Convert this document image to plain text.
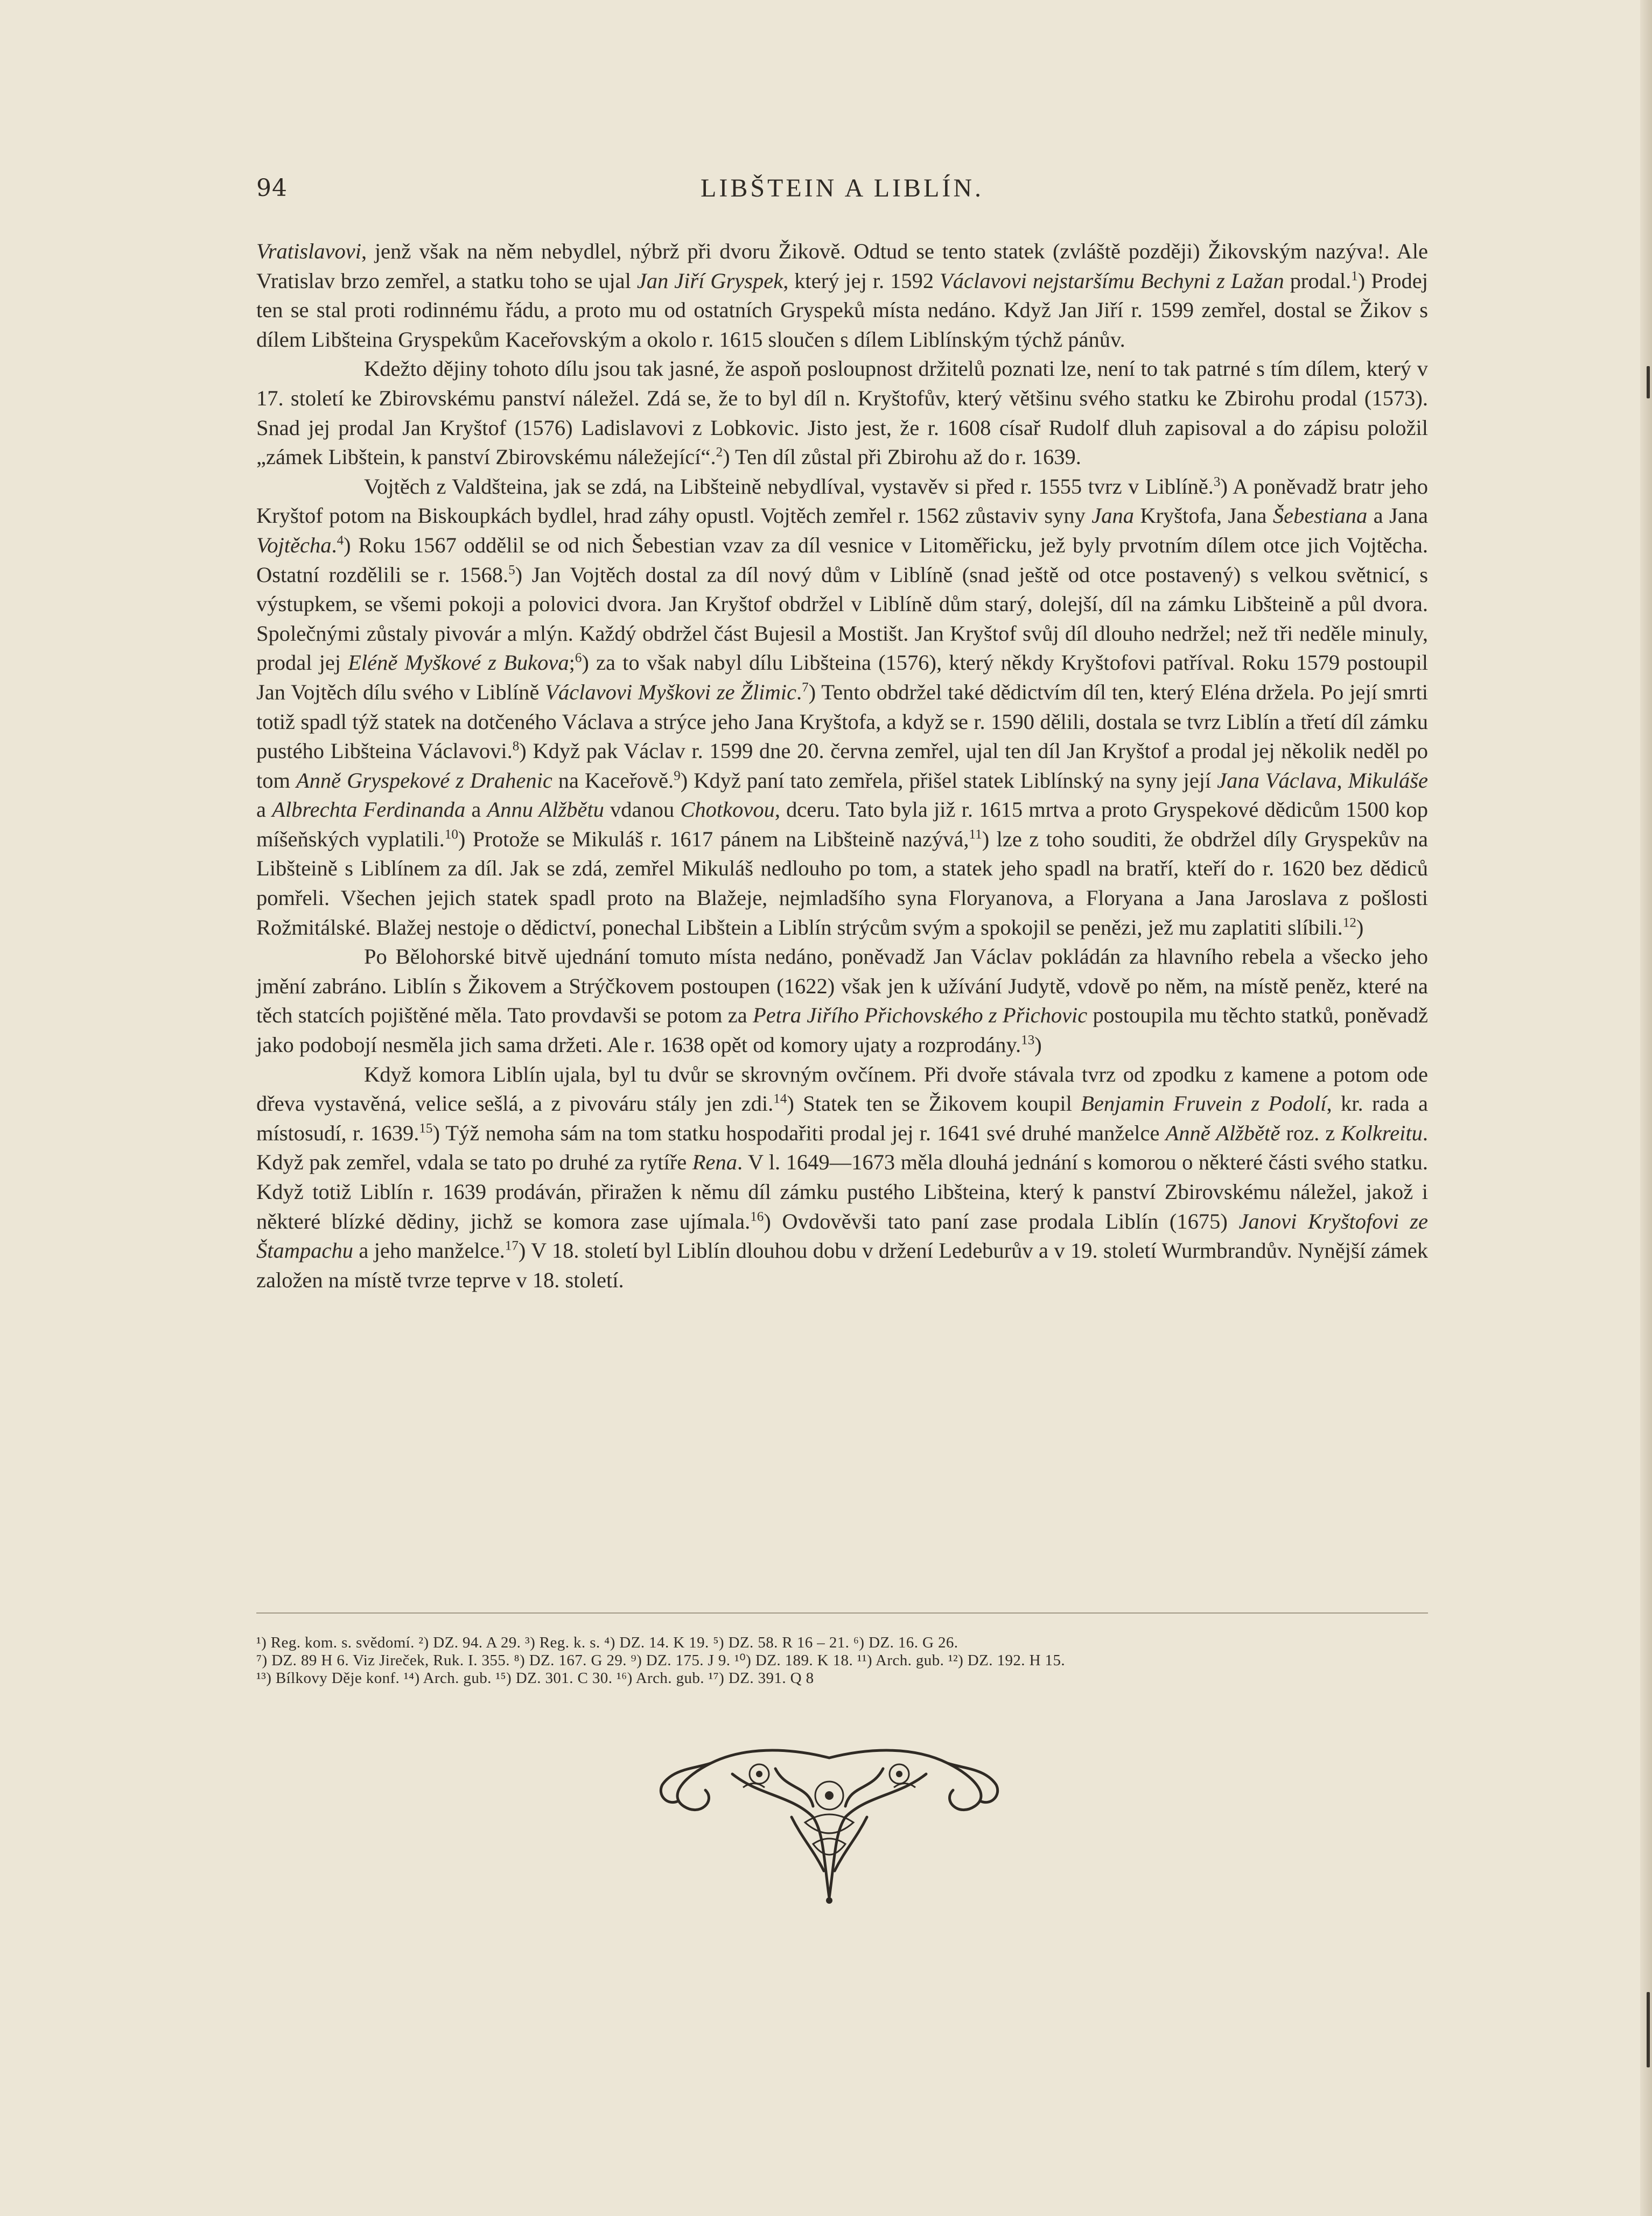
94	LIBŠTEIN A LIBLÍN.

Vratislavovi, jenž však na něm nebydlel, nýbrž při dvoru Žikově. Odtud se tento statek (zvláště později) Žikovským nazýva!. Ale Vratislav brzo zemřel, a statku toho se ujal Jan Jiří Gryspek, který jej r. 1592 Václavovi nejstaršímu Bechyni z Lažan prodal.$^1$) Prodej ten se stal proti rodinnému řádu, a proto mu od ostatních Gryspeků místa nedáno. Když Jan Jiří r. 1599 zemřel, dostal se Žikov s dílem Libšteina Gryspekům Kaceřovským a okolo r. 1615 sloučen s dílem Liblínským týchž pánův.

Kdežto dějiny tohoto dílu jsou tak jasné, že aspoň posloupnost držitelů poznati lze, není to tak patrné s tím dílem, který v 17. století ke Zbirovskému panství náležel. Zdá se, že to byl díl n. Kryštofův, který většinu svého statku ke Zbirohu prodal (1573). Snad jej prodal Jan Kryštof (1576) Ladislavovi z Lobkovic. Jisto jest, že r. 1608 císař Rudolf dluh zapisoval a do zápisu položil „zámek Libštein, k panství Zbirovskému náležející“.$^2$) Ten díl zůstal při Zbirohu až do r. 1639.

Vojtěch z Valdšteina, jak se zdá, na Libšteině nebydlíval, vystavěv si před r. 1555 tvrz v Liblíně.$^3$) A poněvadž bratr jeho Kryštof potom na Biskoupkách bydlel, hrad záhy opustl. Vojtěch zemřel r. 1562 zůstaviv syny Jana Kryštofa, Jana Šebestiana a Jana Vojtěcha.$^4$) Roku 1567 oddělil se od nich Šebestian vzav za díl vesnice v Litoměřicku, jež byly prvotním dílem otce jich Vojtěcha. Ostatní rozdělili se r. 1568.$^5$) Jan Vojtěch dostal za díl nový dům v Liblíně (snad ještě od otce postavený) s velkou světnicí, s výstupkem, se všemi pokoji a polovici dvora. Jan Kryštof obdržel v Liblíně dům starý, dolejší, díl na zámku Libšteině a půl dvora. Společnými zůstaly pivovár a mlýn. Každý obdržel část Bujesil a Mostišt. Jan Kryštof svůj díl dlouho nedržel; než tři neděle minuly, prodal jej Eléně Myškové z Bukova;$^6$) za to však nabyl dílu Libšteina (1576), který někdy Kryštofovi patříval. Roku 1579 postoupil Jan Vojtěch dílu svého v Liblíně Václavovi Myškovi ze Žlimic.$^7$) Tento obdržel také dědictvím díl ten, který Eléna držela. Po její smrti totiž spadl týž statek na dotčeného Václava a strýce jeho Jana Kryštofa, a když se r. 1590 dělili, dostala se tvrz Liblín a třetí díl zámku pustého Libšteina Václavovi.$^8$) Když pak Václav r. 1599 dne 20. června zemřel, ujal ten díl Jan Kryštof a prodal jej několik neděl po tom Anně Gryspekové z Drahenic na Kaceřově.$^9$) Když paní tato zemřela, přišel statek Liblínský na syny její Jana Václava, Mikuláše a Albrechta Ferdinanda a Annu Alžbětu vdanou Chotkovou, dceru. Tato byla již r. 1615 mrtva a proto Gryspekové dědicům 1500 kop míšeňských vyplatili.$^{10}$) Protože se Mikuláš r. 1617 pánem na Libšteině nazývá,$^{11}$) lze z toho souditi, že obdržel díly Gryspekův na Libšteině s Liblínem za díl. Jak se zdá, zemřel Mikuláš nedlouho po tom, a statek jeho spadl na bratří, kteří do r. 1620 bez dědiců pomřeli. Všechen jejich statek spadl proto na Blažeje, nejmladšího syna Floryanova, a Floryana a Jana Jaroslava z pošlosti Rožmitálské. Blažej nestoje o dědictví, ponechal Libštein a Liblín strýcům svým a spokojil se penězi, jež mu zaplatiti slíbili.$^{12}$)

Po Bělohorské bitvě ujednání tomuto místa nedáno, poněvadž Jan Václav pokládán za hlavního rebela a všecko jeho jmění zabráno. Liblín s Žikovem a Strýčkovem postoupen (1622) však jen k užívání Judytě, vdově po něm, na místě peněz, které na těch statcích pojištěné měla. Tato provdavši se potom za Petra Jiřího Přichovského z Přichovic postoupila mu těchto statků, poněvadž jako podobojí nesměla jich sama držeti. Ale r. 1638 opět od komory ujaty a rozprodány.$^{13}$)

Když komora Liblín ujala, byl tu dvůr se skrovným ovčínem. Při dvoře stávala tvrz od zpodku z kamene a potom ode dřeva vystavěná, velice sešlá, a z pivováru stály jen zdi.$^{14}$) Statek ten se Žikovem koupil Benjamin Fruvein z Podolí, kr. rada a místosudí, r. 1639.15) Týž nemoha sám na tom statku hospodařiti prodal jej r. 1641 své druhé manželce Anně Alžbětě roz. z Kolkreitu. Když pak zemřel, vdala se tato po druhé za rytíře Rena. V l. 1649—1673 měla dlouhá jednání s komorou o některé části svého statku. Když totiž Liblín r. 1639 prodáván, přiražen k němu díl zámku pustého Libšteina, který k panství Zbirovskému náležel, jakož i některé blízké dědiny, jichž se komora zase ujímala.$^{16}$) Ovdověvši tato paní zase prodala Liblín (1675) Janovi Kryštofovi ze Štampachu a jeho manželce.$^{17}$) V 18. století byl Liblín dlouhou dobu v držení Ledeburův a v 19. století Wurmbrandův. Nynější zámek založen na místě tvrze teprve v 18. století.

¹) Reg. kom. s. svědomí. ²) DZ. 94. A 29. ³) Reg. k. s. ⁴) DZ. 14. K 19. ⁵) DZ. 58. R 16 – 21. ⁶) DZ. 16. G 26.

⁷) DZ. 89 H 6. Viz Jireček, Ruk. I. 355. ⁸) DZ. 167. G 29. ⁹) DZ. 175. J 9. ¹⁰) DZ. 189. K 18. ¹¹) Arch. gub. ¹²) DZ. 192. H 15.

¹³) Bílkovy Děje konf. ¹⁴) Arch. gub. ¹⁵) DZ. 301. C 30. ¹⁶) Arch. gub. ¹⁷) DZ. 391. Q 8
